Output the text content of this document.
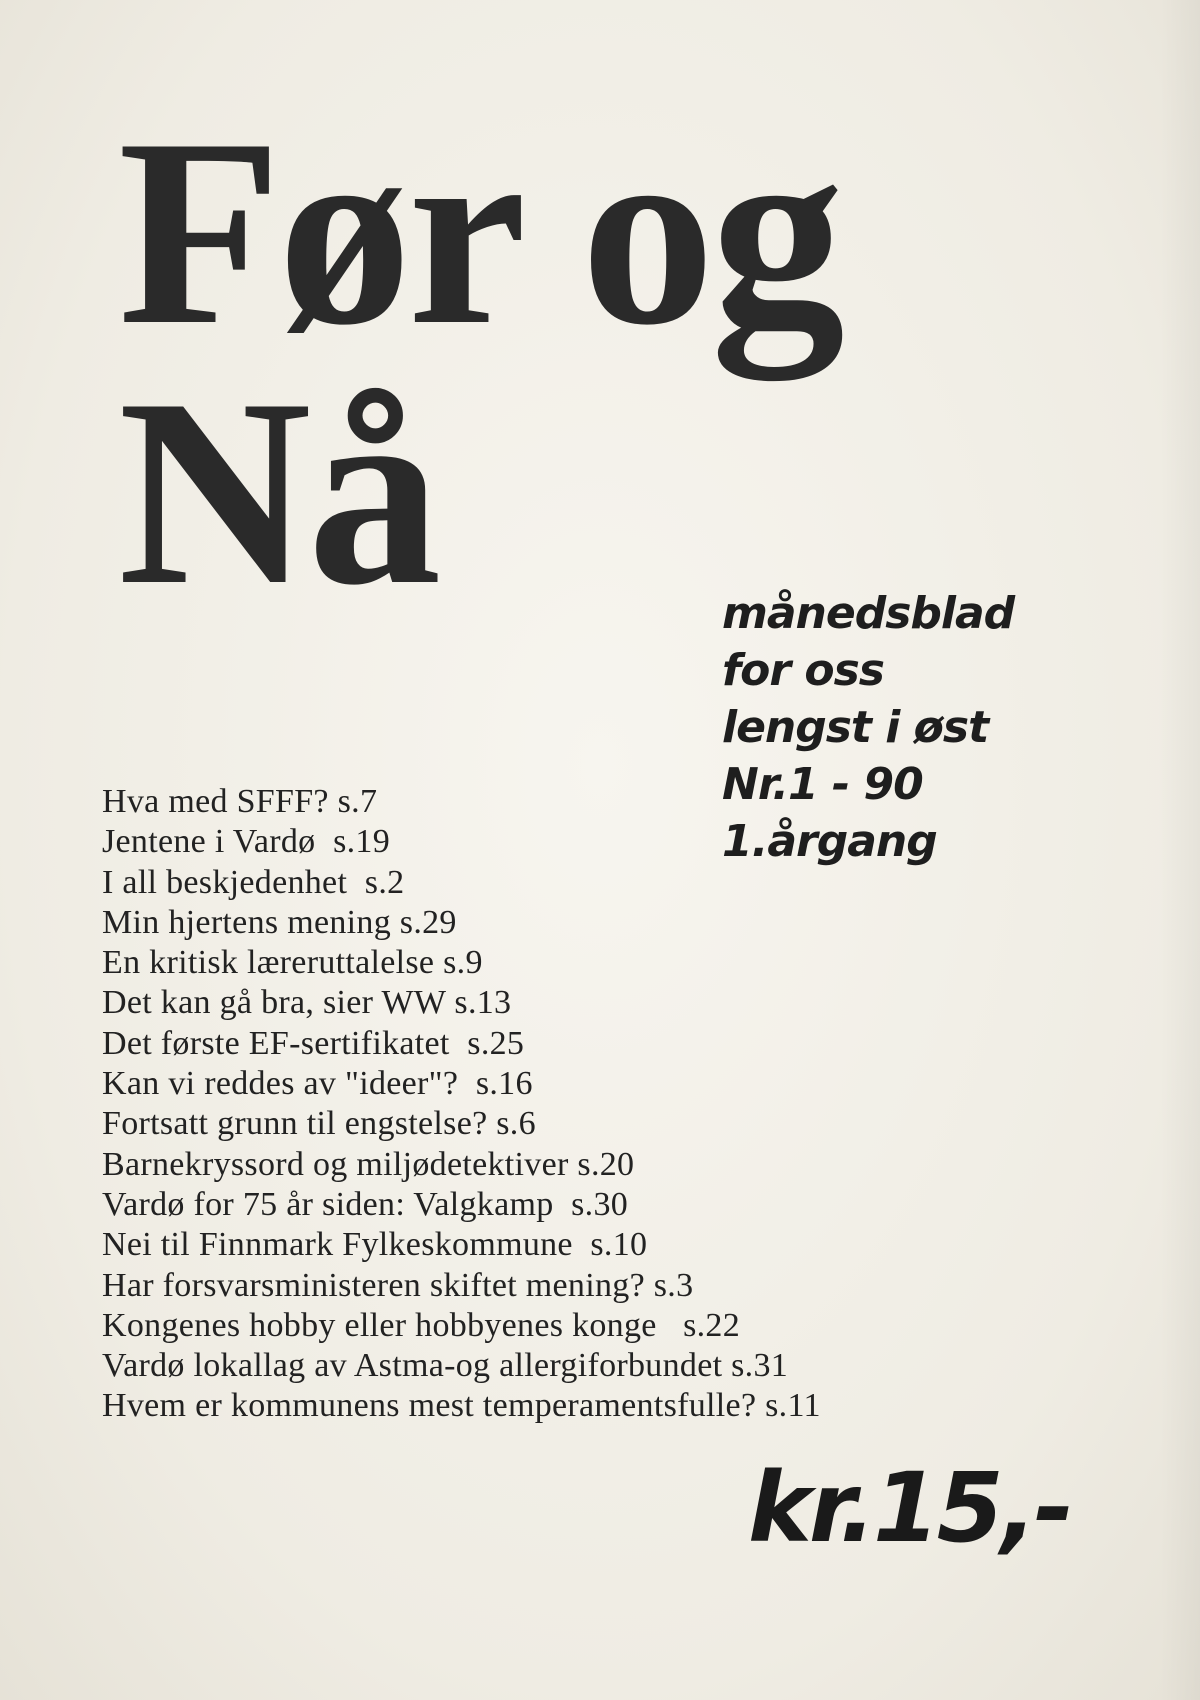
Før og
Nå	månedsblad
for oss
lengst i øst
Nr.1 - 90
1.årgang
Hva med SFFF? s.7
Jentene i Vardø  s.19
I all beskjedenhet  s.2
Min hjertens mening s.29
En kritisk læreruttalelse s.9
Det kan gå bra, sier WW s.13
Det første EF-sertifikatet  s.25
Kan vi reddes av "ideer"?  s.16
Fortsatt grunn til engstelse? s.6
Barnekryssord og miljødetektiver s.20
Vardø for 75 år siden: Valgkamp  s.30
Nei til Finnmark Fylkeskommune  s.10
Har forsvarsministeren skiftet mening? s.3
Kongenes hobby eller hobbyenes konge   s.22
Vardø lokallag av Astma-og allergiforbundet s.31
Hvem er kommunens mest temperamentsfulle? s.11
kr.15,-
